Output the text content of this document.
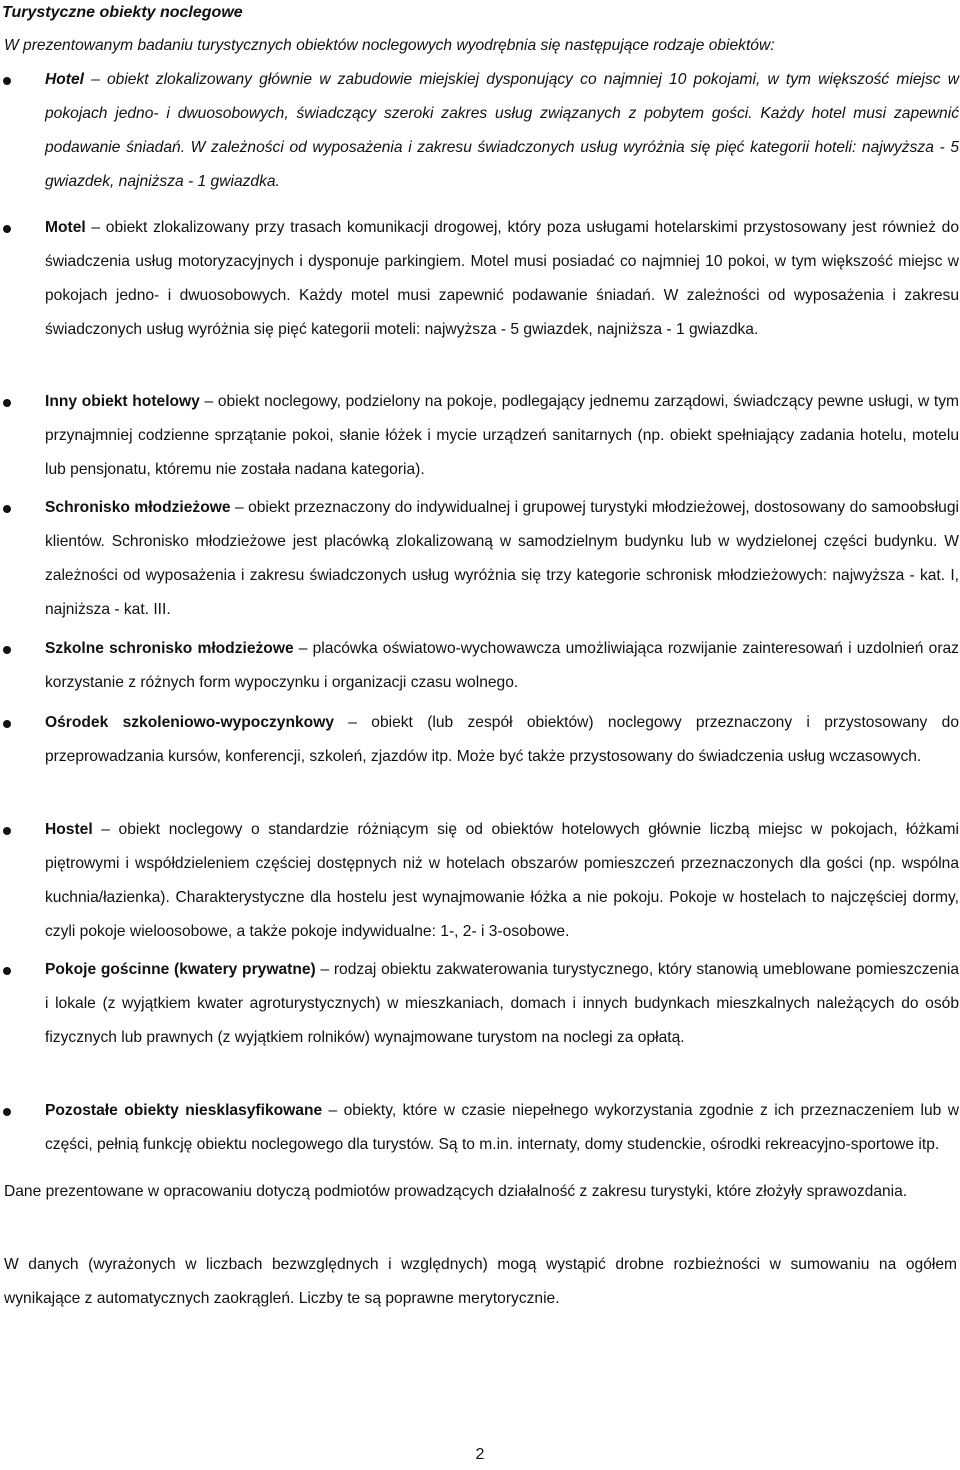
Turystyczne obiekty noclegowe
W prezentowanym badaniu turystycznych obiektów noclegowych wyodrębnia się następujące rodzaje obiektów:
Hotel – obiekt zlokalizowany głównie w zabudowie miejskiej dysponujący co najmniej 10 pokojami, w tym większość miejsc w pokojach jedno- i dwuosobowych, świadczący szeroki zakres usług związanych z pobytem gości. Każdy hotel musi zapewnić podawanie śniadań. W zależności od wyposażenia i zakresu świadczonych usług wyróżnia się pięć kategorii hoteli: najwyższa - 5 gwiazdek, najniższa - 1 gwiazdka.
Motel – obiekt zlokalizowany przy trasach komunikacji drogowej, który poza usługami hotelarskimi przystosowany jest również do świadczenia usług motoryzacyjnych i dysponuje parkingiem. Motel musi posiadać co najmniej 10 pokoi, w tym większość miejsc w pokojach jedno- i dwuosobowych. Każdy motel musi zapewnić podawanie śniadań. W zależności od wyposażenia i zakresu świadczonych usług wyróżnia się pięć kategorii moteli: najwyższa - 5 gwiazdek, najniższa - 1 gwiazdka.
Inny obiekt hotelowy – obiekt noclegowy, podzielony na pokoje, podlegający jednemu zarządowi, świadczący pewne usługi, w tym przynajmniej codzienne sprzątanie pokoi, słanie łóżek i mycie urządzeń sanitarnych (np. obiekt spełniający zadania hotelu, motelu lub pensjonatu, któremu nie została nadana kategoria).
Schronisko młodzieżowe – obiekt przeznaczony do indywidualnej i grupowej turystyki młodzieżowej, dostosowany do samoobsługi klientów. Schronisko młodzieżowe jest placówką zlokalizowaną w samodzielnym budynku lub w wydzielonej części budynku. W zależności od wyposażenia i zakresu świadczonych usług wyróżnia się trzy kategorie schronisk młodzieżowych: najwyższa - kat. I, najniższa - kat. III.
Szkolne schronisko młodzieżowe – placówka oświatowo-wychowawcza umożliwiająca rozwijanie zainteresowań i uzdolnień oraz korzystanie z różnych form wypoczynku i organizacji czasu wolnego.
Ośrodek szkoleniowo-wypoczynkowy – obiekt (lub zespół obiektów) noclegowy przeznaczony i przystosowany do przeprowadzania kursów, konferencji, szkoleń, zjazdów itp. Może być także przystosowany do świadczenia usług wczasowych.
Hostel – obiekt noclegowy o standardzie różniącym się od obiektów hotelowych głównie liczbą miejsc w pokojach, łóżkami piętrowymi i współdzieleniem częściej dostępnych niż w hotelach obszarów pomieszczeń przeznaczonych dla gości (np. wspólna kuchnia/łazienka). Charakterystyczne dla hostelu jest wynajmowanie łóżka a nie pokoju. Pokoje w hostelach to najczęściej dormy, czyli pokoje wieloosobowe, a także pokoje indywidualne: 1-, 2- i 3-osobowe.
Pokoje gościnne (kwatery prywatne) – rodzaj obiektu zakwaterowania turystycznego, który stanowią umeblowane pomieszczenia i lokale (z wyjątkiem kwater agroturystycznych) w mieszkaniach, domach i innych budynkach mieszkalnych należących do osób fizycznych lub prawnych (z wyjątkiem rolników) wynajmowane turystom na noclegi za opłatą.
Pozostałe obiekty niesklasyfikowane – obiekty, które w czasie niepełnego wykorzystania zgodnie z ich przeznaczeniem lub w części, pełnią funkcję obiektu noclegowego dla turystów. Są to m.in. internaty, domy studenckie, ośrodki rekreacyjno-sportowe itp.
Dane prezentowane w opracowaniu dotyczą podmiotów prowadzących działalność z zakresu turystyki, które złożyły sprawozdania.
W danych (wyrażonych w liczbach bezwzględnych i względnych) mogą wystąpić drobne rozbieżności w sumowaniu na ogółem wynikające z automatycznych zaokrągleń. Liczby te są poprawne merytorycznie.
2
